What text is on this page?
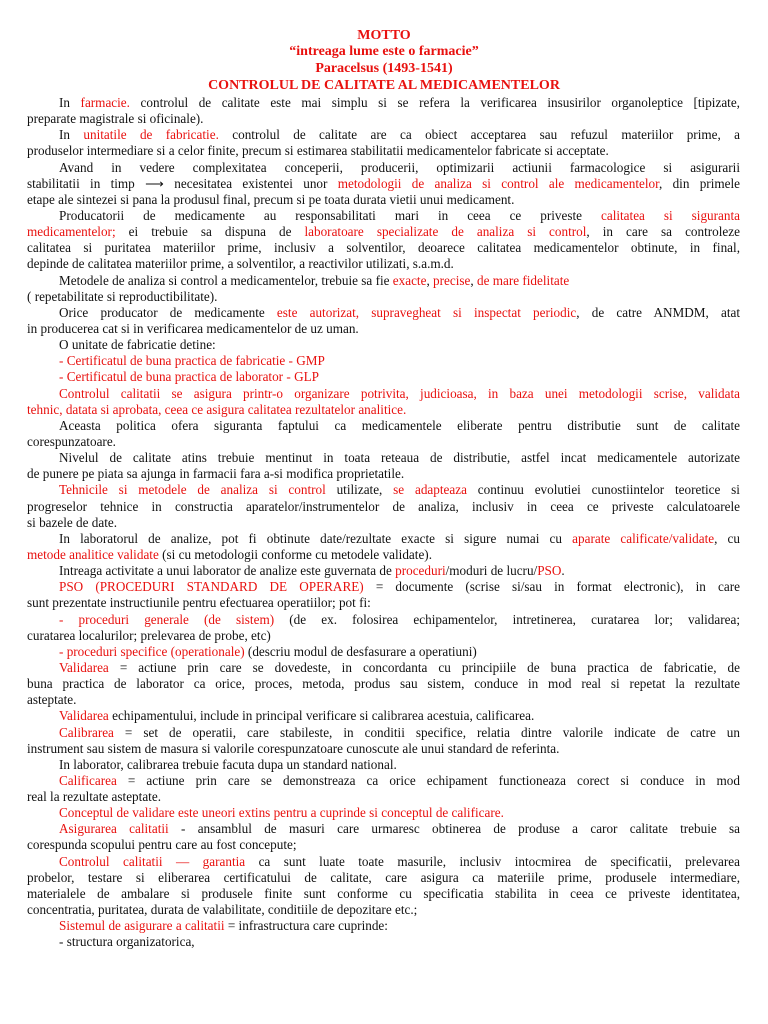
MOTTO
“intreaga lume este o farmacie”
Paracelsus (1493-1541)
CONTROLUL DE CALITATE AL MEDICAMENTELOR
In farmacie. controlul de calitate este mai simplu si se refera la verificarea insusirilor organoleptice [tipizate,
preparate magistrale si oficinale).
In unitatile de fabricatie. controlul de calitate are ca obiect acceptarea sau refuzul materiilor prime, a
produselor intermediare si a celor finite, precum si estimarea stabilitatii medicamentelor fabricate si acceptate.
Avand in vedere complexitatea conceperii, producerii, optimizarii actiunii farmacologice si asigurarii
stabilitatii in timp ⟶ necesitatea existentei unor metodologii de analiza si control ale medicamentelor, din primele
etape ale sintezei si pana la produsul final, precum si pe toata durata vietii unui medicament.
Producatorii de medicamente au responsabilitati mari in ceea ce priveste calitatea si siguranta
medicamentelor; ei trebuie sa dispuna de laboratoare specializate de analiza si control, in care sa controleze
calitatea si puritatea materiilor prime, inclusiv a solventilor, deoarece calitatea medicamentelor obtinute, in final,
depinde de calitatea materiilor prime, a solventilor, a reactivilor utilizati, s.a.m.d.
Metodele de analiza si control a medicamentelor, trebuie sa fie exacte, precise, de mare fidelitate
( repetabilitate si reproductibilitate).
Orice producator de medicamente este autorizat, supravegheat si inspectat periodic, de catre ANMDM, atat
in producerea cat si in verificarea medicamentelor de uz uman.
O unitate de fabricatie detine:
- Certificatul de buna practica de fabricatie - GMP
- Certificatul de buna practica de laborator - GLP
Controlul calitatii se asigura printr-o organizare potrivita, judicioasa, in baza unei metodologii scrise, validata
tehnic, datata si aprobata, ceea ce asigura calitatea rezultatelor analitice.
Aceasta politica ofera siguranta faptului ca medicamentele eliberate pentru distributie sunt de calitate
corespunzatoare.
Nivelul de calitate atins trebuie mentinut in toata reteaua de distributie, astfel incat medicamentele autorizate
de punere pe piata sa ajunga in farmacii fara a-si modifica proprietatile.
Tehnicile si metodele de analiza si control utilizate, se adapteaza continuu evolutiei cunostiintelor teoretice si
progreselor tehnice in constructia aparatelor/instrumentelor de analiza, inclusiv in ceea ce priveste calculatoarele
si bazele de date.
In laboratorul de analize, pot fi obtinute date/rezultate exacte si sigure numai cu aparate calificate/validate, cu
metode analitice validate (si cu metodologii conforme cu metodele validate).
Intreaga activitate a unui laborator de analize este guvernata de proceduri/moduri de lucru/PSO.
PSO (PROCEDURI STANDARD DE OPERARE) = documente (scrise si/sau in format electronic), in care
sunt prezentate instructiunile pentru efectuarea operatiilor; pot fi:
- proceduri generale (de sistem) (de ex. folosirea echipamentelor, intretinerea, curatarea lor; validarea;
curatarea localurilor; prelevarea de probe, etc)
- proceduri specifice (operationale) (descriu modul de desfasurare a operatiuni)
Validarea = actiune prin care se dovedeste, in concordanta cu principiile de buna practica de fabricatie, de
buna practica de laborator ca orice, proces, metoda, produs sau sistem, conduce in mod real si repetat la rezultate
asteptate.
Validarea echipamentului, include in principal verificare si calibrarea acestuia, calificarea.
Calibrarea = set de operatii, care stabileste, in conditii specifice, relatia dintre valorile indicate de catre un
instrument sau sistem de masura si valorile corespunzatoare cunoscute ale unui standard de referinta.
In laborator, calibrarea trebuie facuta dupa un standard national.
Calificarea = actiune prin care se demonstreaza ca orice echipament functioneaza corect si conduce in mod
real la rezultate asteptate.
Conceptul de validare este uneori extins pentru a cuprinde si conceptul de calificare.
Asigurarea calitatii - ansamblul de masuri care urmaresc obtinerea de produse a caror calitate trebuie sa
corespunda scopului pentru care au fost concepute;
Controlul calitatii — garantia ca sunt luate toate masurile, inclusiv intocmirea de specificatii, prelevarea
probelor, testare si eliberarea certificatului de calitate, care asigura ca materiile prime, produsele intermediare,
materialele de ambalare si produsele finite sunt conforme cu specificatia stabilita in ceea ce priveste identitatea,
concentratia, puritatea, durata de valabilitate, conditiile de depozitare etc.;
Sistemul de asigurare a calitatii = infrastructura care cuprinde:
- structura organizatorica,
